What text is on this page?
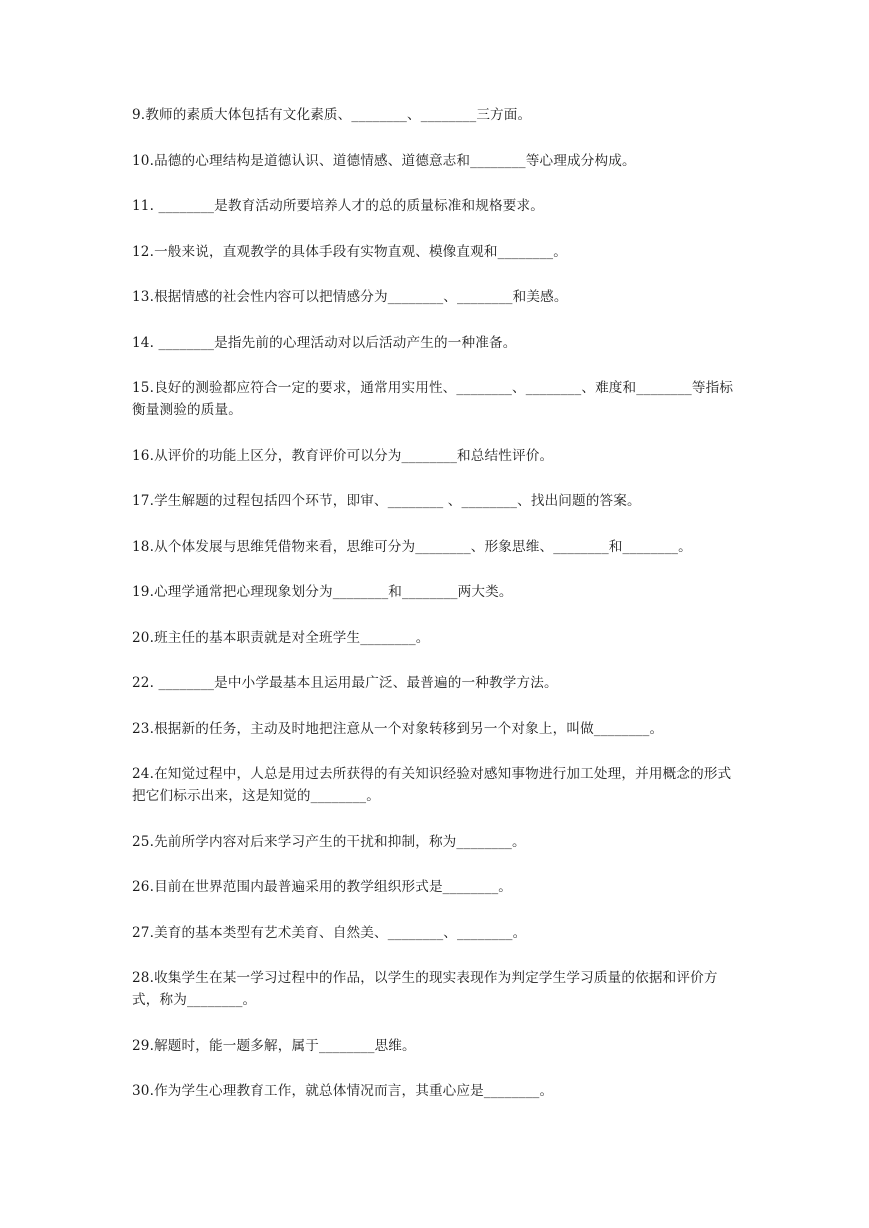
9.教师的素质大体包括有文化素质、________、________三方面。
10.品德的心理结构是道德认识、道德情感、道德意志和________等心理成分构成。
11. ________是教育活动所要培养人才的总的质量标准和规格要求。
12.一般来说，直观教学的具体手段有实物直观、模像直观和________。
13.根据情感的社会性内容可以把情感分为________、________和美感。
14. ________是指先前的心理活动对以后活动产生的一种准备。
15.良好的测验都应符合一定的要求，通常用实用性、________、________、难度和________等指标衡量测验的质量。
16.从评价的功能上区分，教育评价可以分为________和总结性评价。
17.学生解题的过程包括四个环节，即审、________ 、________、找出问题的答案。
18.从个体发展与思维凭借物来看，思维可分为________、形象思维、________和________。
19.心理学通常把心理现象划分为________和________两大类。
20.班主任的基本职责就是对全班学生________。
22. ________是中小学最基本且运用最广泛、最普遍的一种教学方法。
23.根据新的任务，主动及时地把注意从一个对象转移到另一个对象上，叫做________。
24.在知觉过程中，人总是用过去所获得的有关知识经验对感知事物进行加工处理，并用概念的形式把它们标示出来，这是知觉的________。
25.先前所学内容对后来学习产生的干扰和抑制，称为________。
26.目前在世界范围内最普遍采用的教学组织形式是________。
27.美育的基本类型有艺术美育、自然美、________、________。
28.收集学生在某一学习过程中的作品，以学生的现实表现作为判定学生学习质量的依据和评价方式，称为________。
29.解题时，能一题多解，属于________思维。
30.作为学生心理教育工作，就总体情况而言，其重心应是________。
